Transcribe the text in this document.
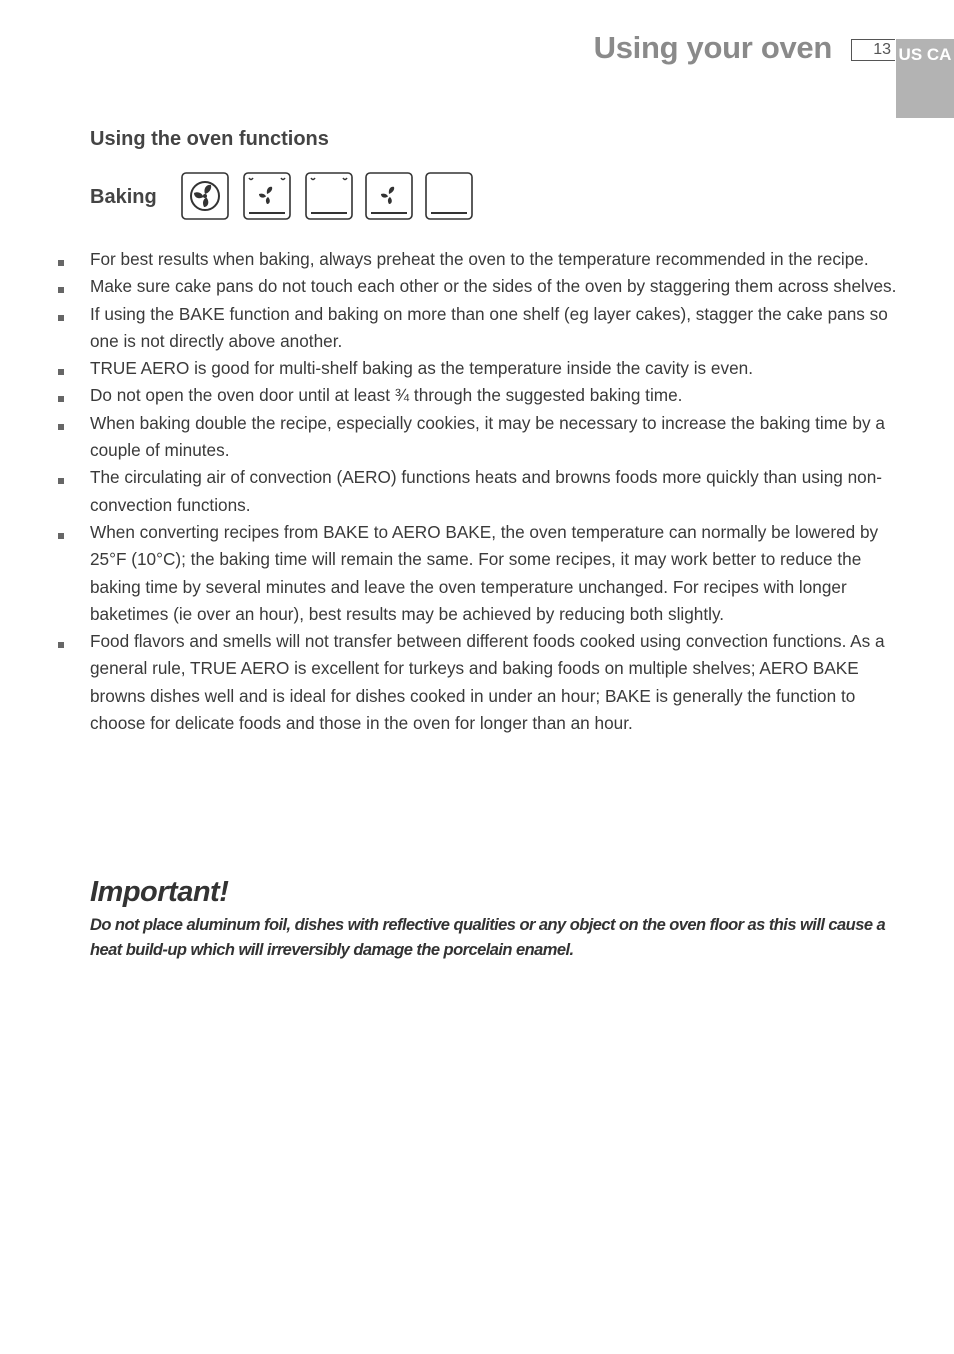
Using your oven	13 US CA
Using the oven functions
Baking
For best results when baking, always preheat the oven to the temperature recommended in the recipe.
Make sure cake pans do not touch each other or the sides of the oven by staggering them across shelves.
If using the BAKE function and baking on more than one shelf (eg layer cakes), stagger the cake pans so one is not directly above another.
TRUE AERO is good for multi-shelf baking as the temperature inside the cavity is even.
Do not open the oven door until at least ¾ through the suggested baking time.
When baking double the recipe, especially cookies, it may be necessary to increase the baking time by a couple of minutes.
The circulating air of convection (AERO) functions heats and browns foods more quickly than using non-convection functions.
When converting recipes from BAKE to AERO BAKE, the oven temperature can normally be lowered by 25°F (10°C); the baking time will remain the same. For some recipes, it may work better to reduce the baking time by several minutes and leave the oven temperature unchanged. For recipes with longer baketimes (ie over an hour), best results may be achieved by reducing both slightly.
Food flavors and smells will not transfer between different foods cooked using convection functions. As a general rule, TRUE AERO is excellent for turkeys and baking foods on multiple shelves; AERO BAKE browns dishes well and is ideal for dishes cooked in under an hour; BAKE is generally the function to choose for delicate foods and those in the oven for longer than an hour.
Important!
Do not place aluminum foil, dishes with reflective qualities or any object on the oven floor as this will cause a heat build-up which will irreversibly damage the porcelain enamel.
